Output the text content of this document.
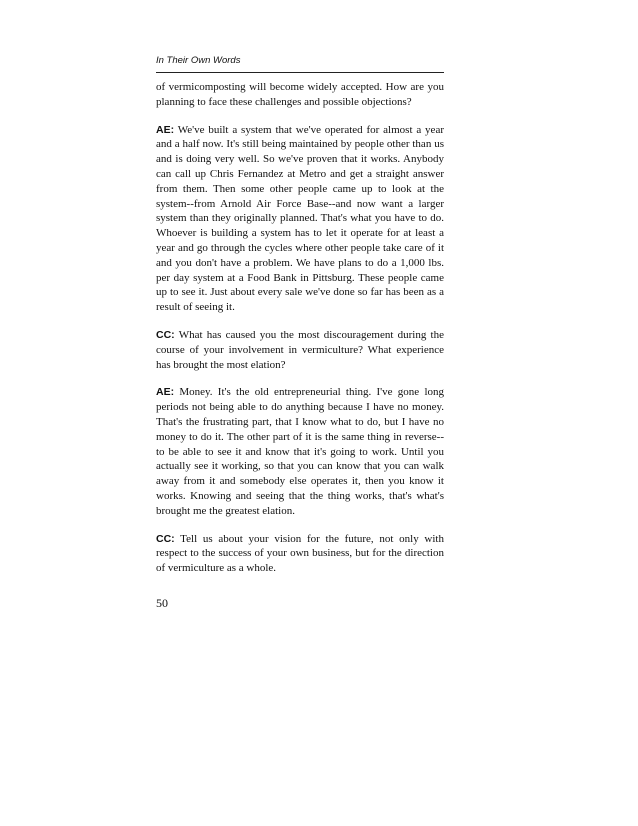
In Their Own Words

of vermicomposting will become widely accepted. How are you planning to face these challenges and possible objections?

AE: We've built a system that we've operated for almost a year and a half now. It's still being maintained by people other than us and is doing very well. So we've proven that it works. Anybody can call up Chris Fernandez at Metro and get a straight answer from them. Then some other people came up to look at the system--from Arnold Air Force Base--and now want a larger system than they originally planned. That's what you have to do. Whoever is building a system has to let it operate for at least a year and go through the cycles where other people take care of it and you don't have a problem. We have plans to do a 1,000 lbs. per day system at a Food Bank in Pittsburg. These people came up to see it. Just about every sale we've done so far has been as a result of seeing it.

CC: What has caused you the most discouragement during the course of your involvement in vermiculture? What experience has brought the most elation?

AE: Money. It's the old entrepreneurial thing. I've gone long periods not being able to do anything because I have no money. That's the frustrating part, that I know what to do, but I have no money to do it. The other part of it is the same thing in reverse--to be able to see it and know that it's going to work. Until you actually see it working, so that you can know that you can walk away from it and somebody else operates it, then you know it works. Knowing and seeing that the thing works, that's what's brought me the greatest elation.

CC: Tell us about your vision for the future, not only with respect to the success of your own business, but for the direction of vermiculture as a whole.

50
